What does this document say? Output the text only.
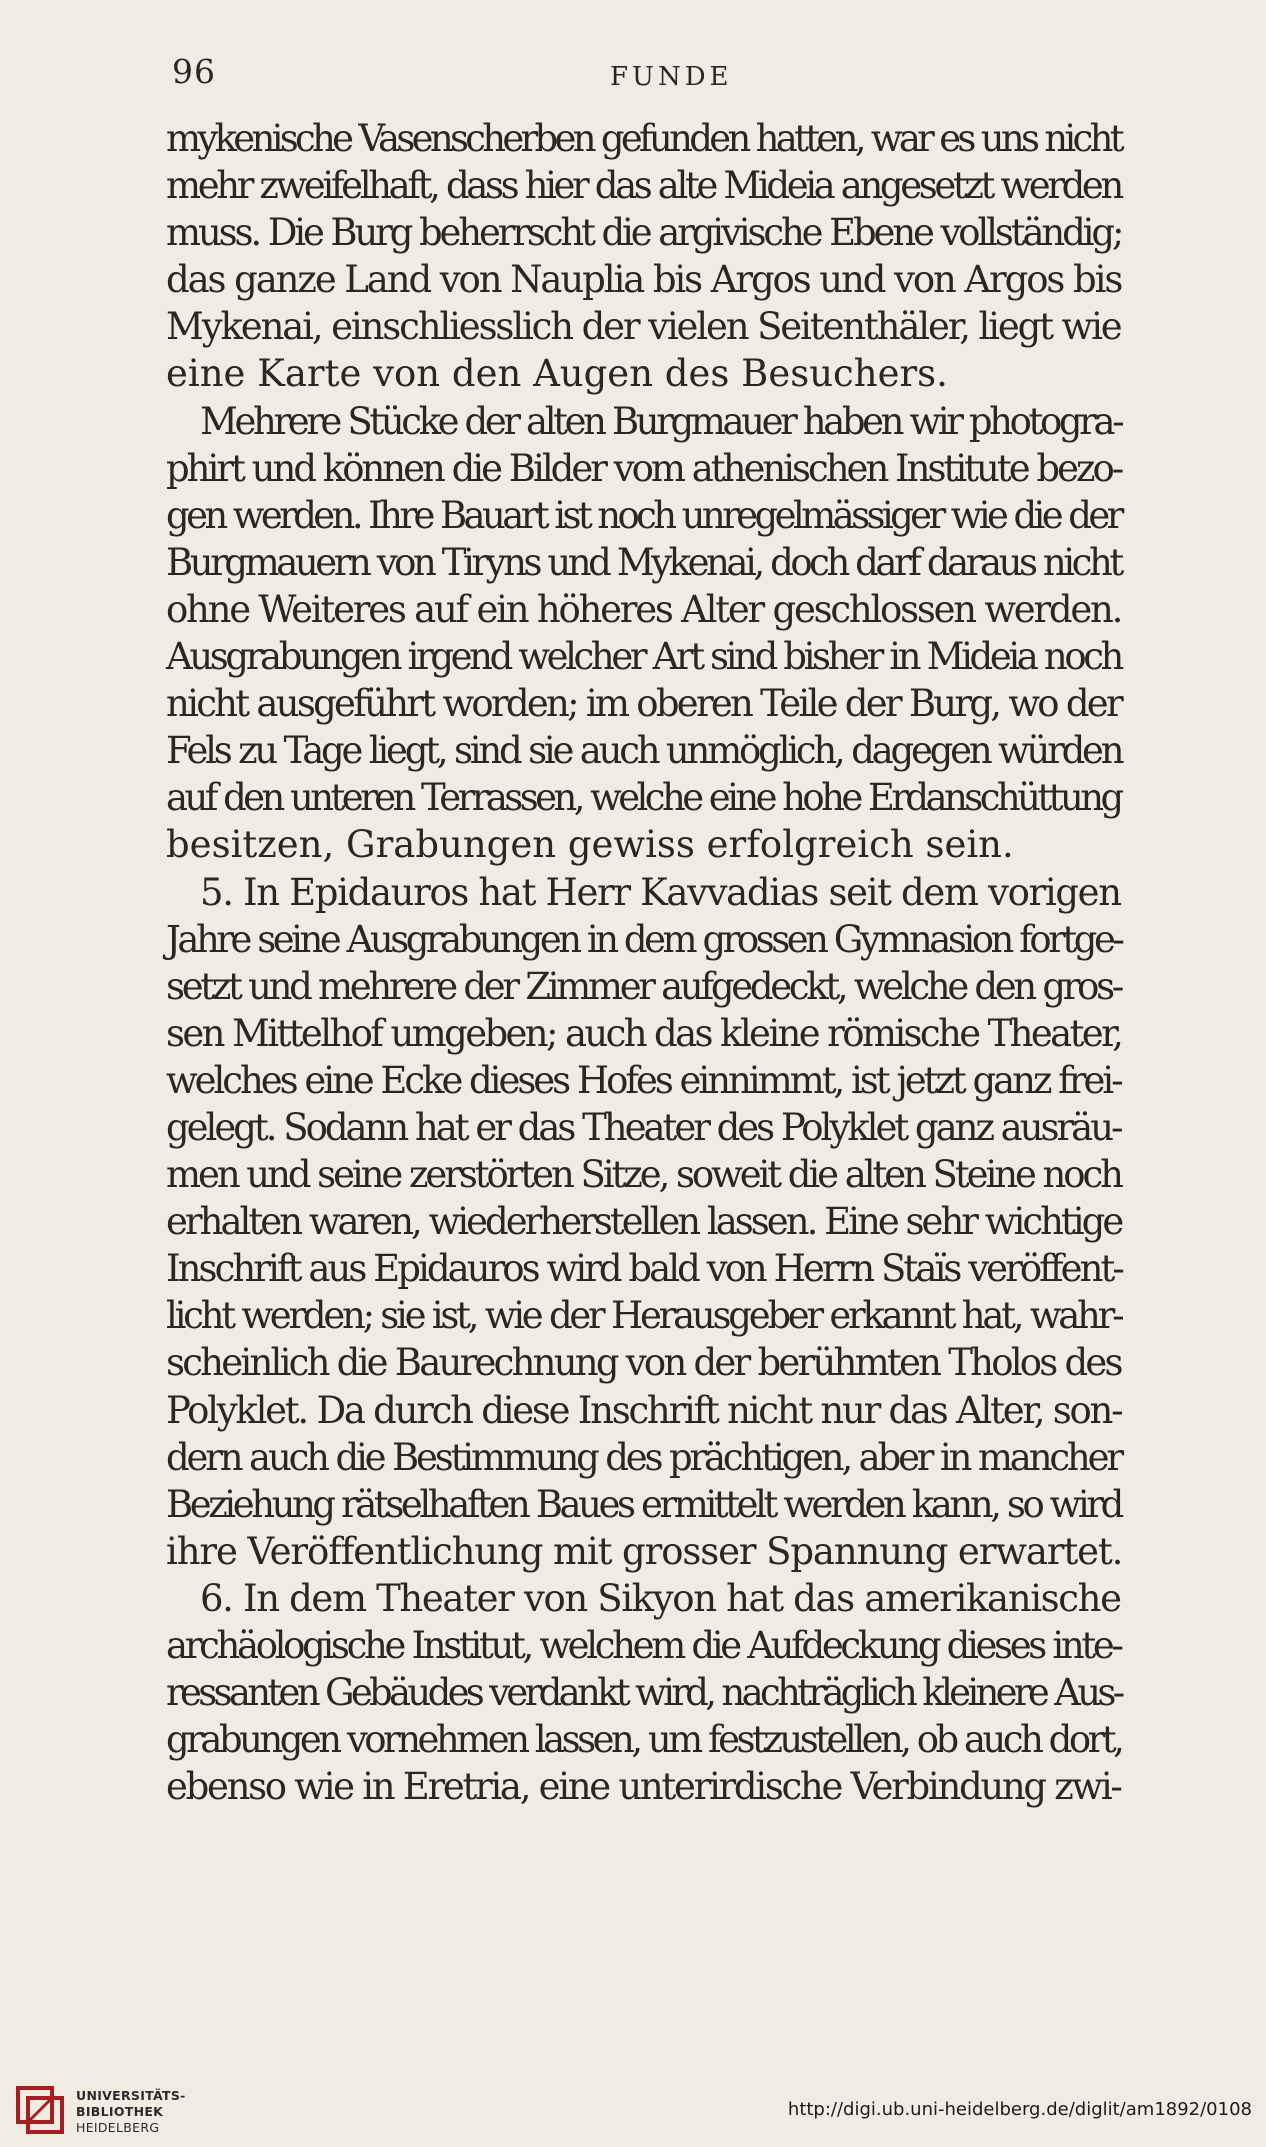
96	FUNDE
mykenische Vasenscherben gefunden hatten, war es uns nicht
mehr zweifelhaft, dass hier das alte Mideia angesetzt werden
muss. Die Burg beherrscht die argivische Ebene vollständig;
das ganze Land von Nauplia bis Argos und von Argos bis
Mykenai, einschliesslich der vielen Seitenthäler, liegt wie
eine Karte von den Augen des Besuchers.
Mehrere Stücke der alten Burgmauer haben wir photogra-
phirt und können die Bilder vom athenischen Institute bezo-
gen werden. Ihre Bauart ist noch unregelmässiger wie die der
Burgmauern von Tiryns und Mykenai, doch darf daraus nicht
ohne Weiteres auf ein höheres Alter geschlossen werden.
Ausgrabungen irgend welcher Art sind bisher in Mideia noch
nicht ausgeführt worden; im oberen Teile der Burg, wo der
Fels zu Tage liegt, sind sie auch unmöglich, dagegen würden
auf den unteren Terrassen, welche eine hohe Erdanschüttung
besitzen, Grabungen gewiss erfolgreich sein.
5. In Epidauros hat Herr Kavvadias seit dem vorigen
Jahre seine Ausgrabungen in dem grossen Gymnasion fortge-
setzt und mehrere der Zimmer aufgedeckt, welche den gros-
sen Mittelhof umgeben; auch das kleine römische Theater,
welches eine Ecke dieses Hofes einnimmt, ist jetzt ganz frei-
gelegt. Sodann hat er das Theater des Polyklet ganz ausräu-
men und seine zerstörten Sitze, soweit die alten Steine noch
erhalten waren, wiederherstellen lassen. Eine sehr wichtige
Inschrift aus Epidauros wird bald von Herrn Staïs veröffent-
licht werden; sie ist, wie der Herausgeber erkannt hat, wahr-
scheinlich die Baurechnung von der berühmten Tholos des
Polyklet. Da durch diese Inschrift nicht nur das Alter, son-
dern auch die Bestimmung des prächtigen, aber in mancher
Beziehung rätselhaften Baues ermittelt werden kann, so wird
ihre Veröffentlichung mit grosser Spannung erwartet.
6. In dem Theater von Sikyon hat das amerikanische
archäologische Institut, welchem die Aufdeckung dieses inte-
ressanten Gebäudes verdankt wird, nachträglich kleinere Aus-
grabungen vornehmen lassen, um festzustellen, ob auch dort,
ebenso wie in Eretria, eine unterirdische Verbindung zwi-
UNIVERSITÄTS-
BIBLIOTHEK
HEIDELBERG
http://digi.ub.uni-heidelberg.de/diglit/am1892/0108
